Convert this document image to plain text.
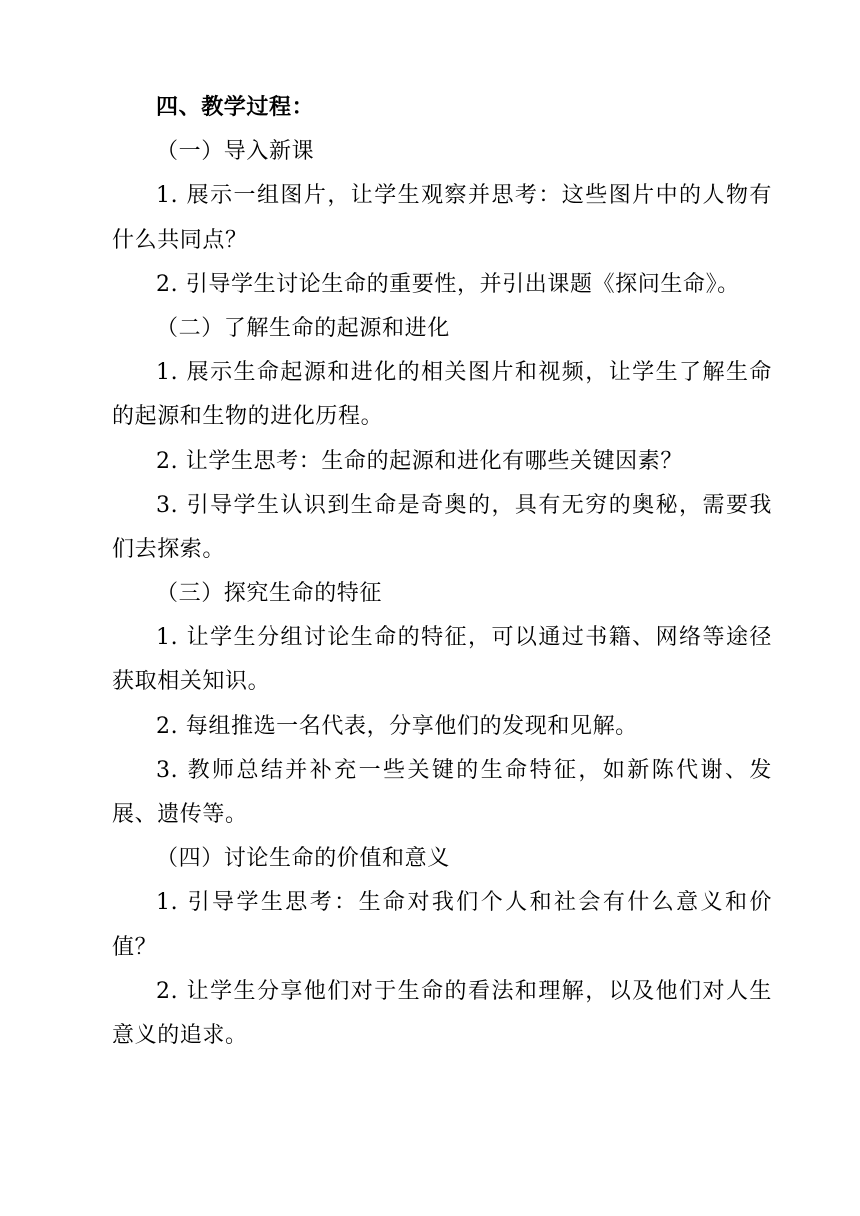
四、教学过程：

（一）导入新课

1. 展示一组图片，让学生观察并思考：这些图片中的人物有

什么共同点？

2. 引导学生讨论生命的重要性，并引出课题《探问生命》。

（二）了解生命的起源和进化

1. 展示生命起源和进化的相关图片和视频，让学生了解生命

的起源和生物的进化历程。

2. 让学生思考：生命的起源和进化有哪些关键因素？

3. 引导学生认识到生命是奇奥的，具有无穷的奥秘，需要我

们去探索。

（三）探究生命的特征

1. 让学生分组讨论生命的特征，可以通过书籍、网络等途径

获取相关知识。

2. 每组推选一名代表，分享他们的发现和见解。

3. 教师总结并补充一些关键的生命特征，如新陈代谢、发

展、遗传等。

（四）讨论生命的价值和意义

1. 引导学生思考：生命对我们个人和社会有什么意义和价

值？

2. 让学生分享他们对于生命的看法和理解，以及他们对人生

意义的追求。
